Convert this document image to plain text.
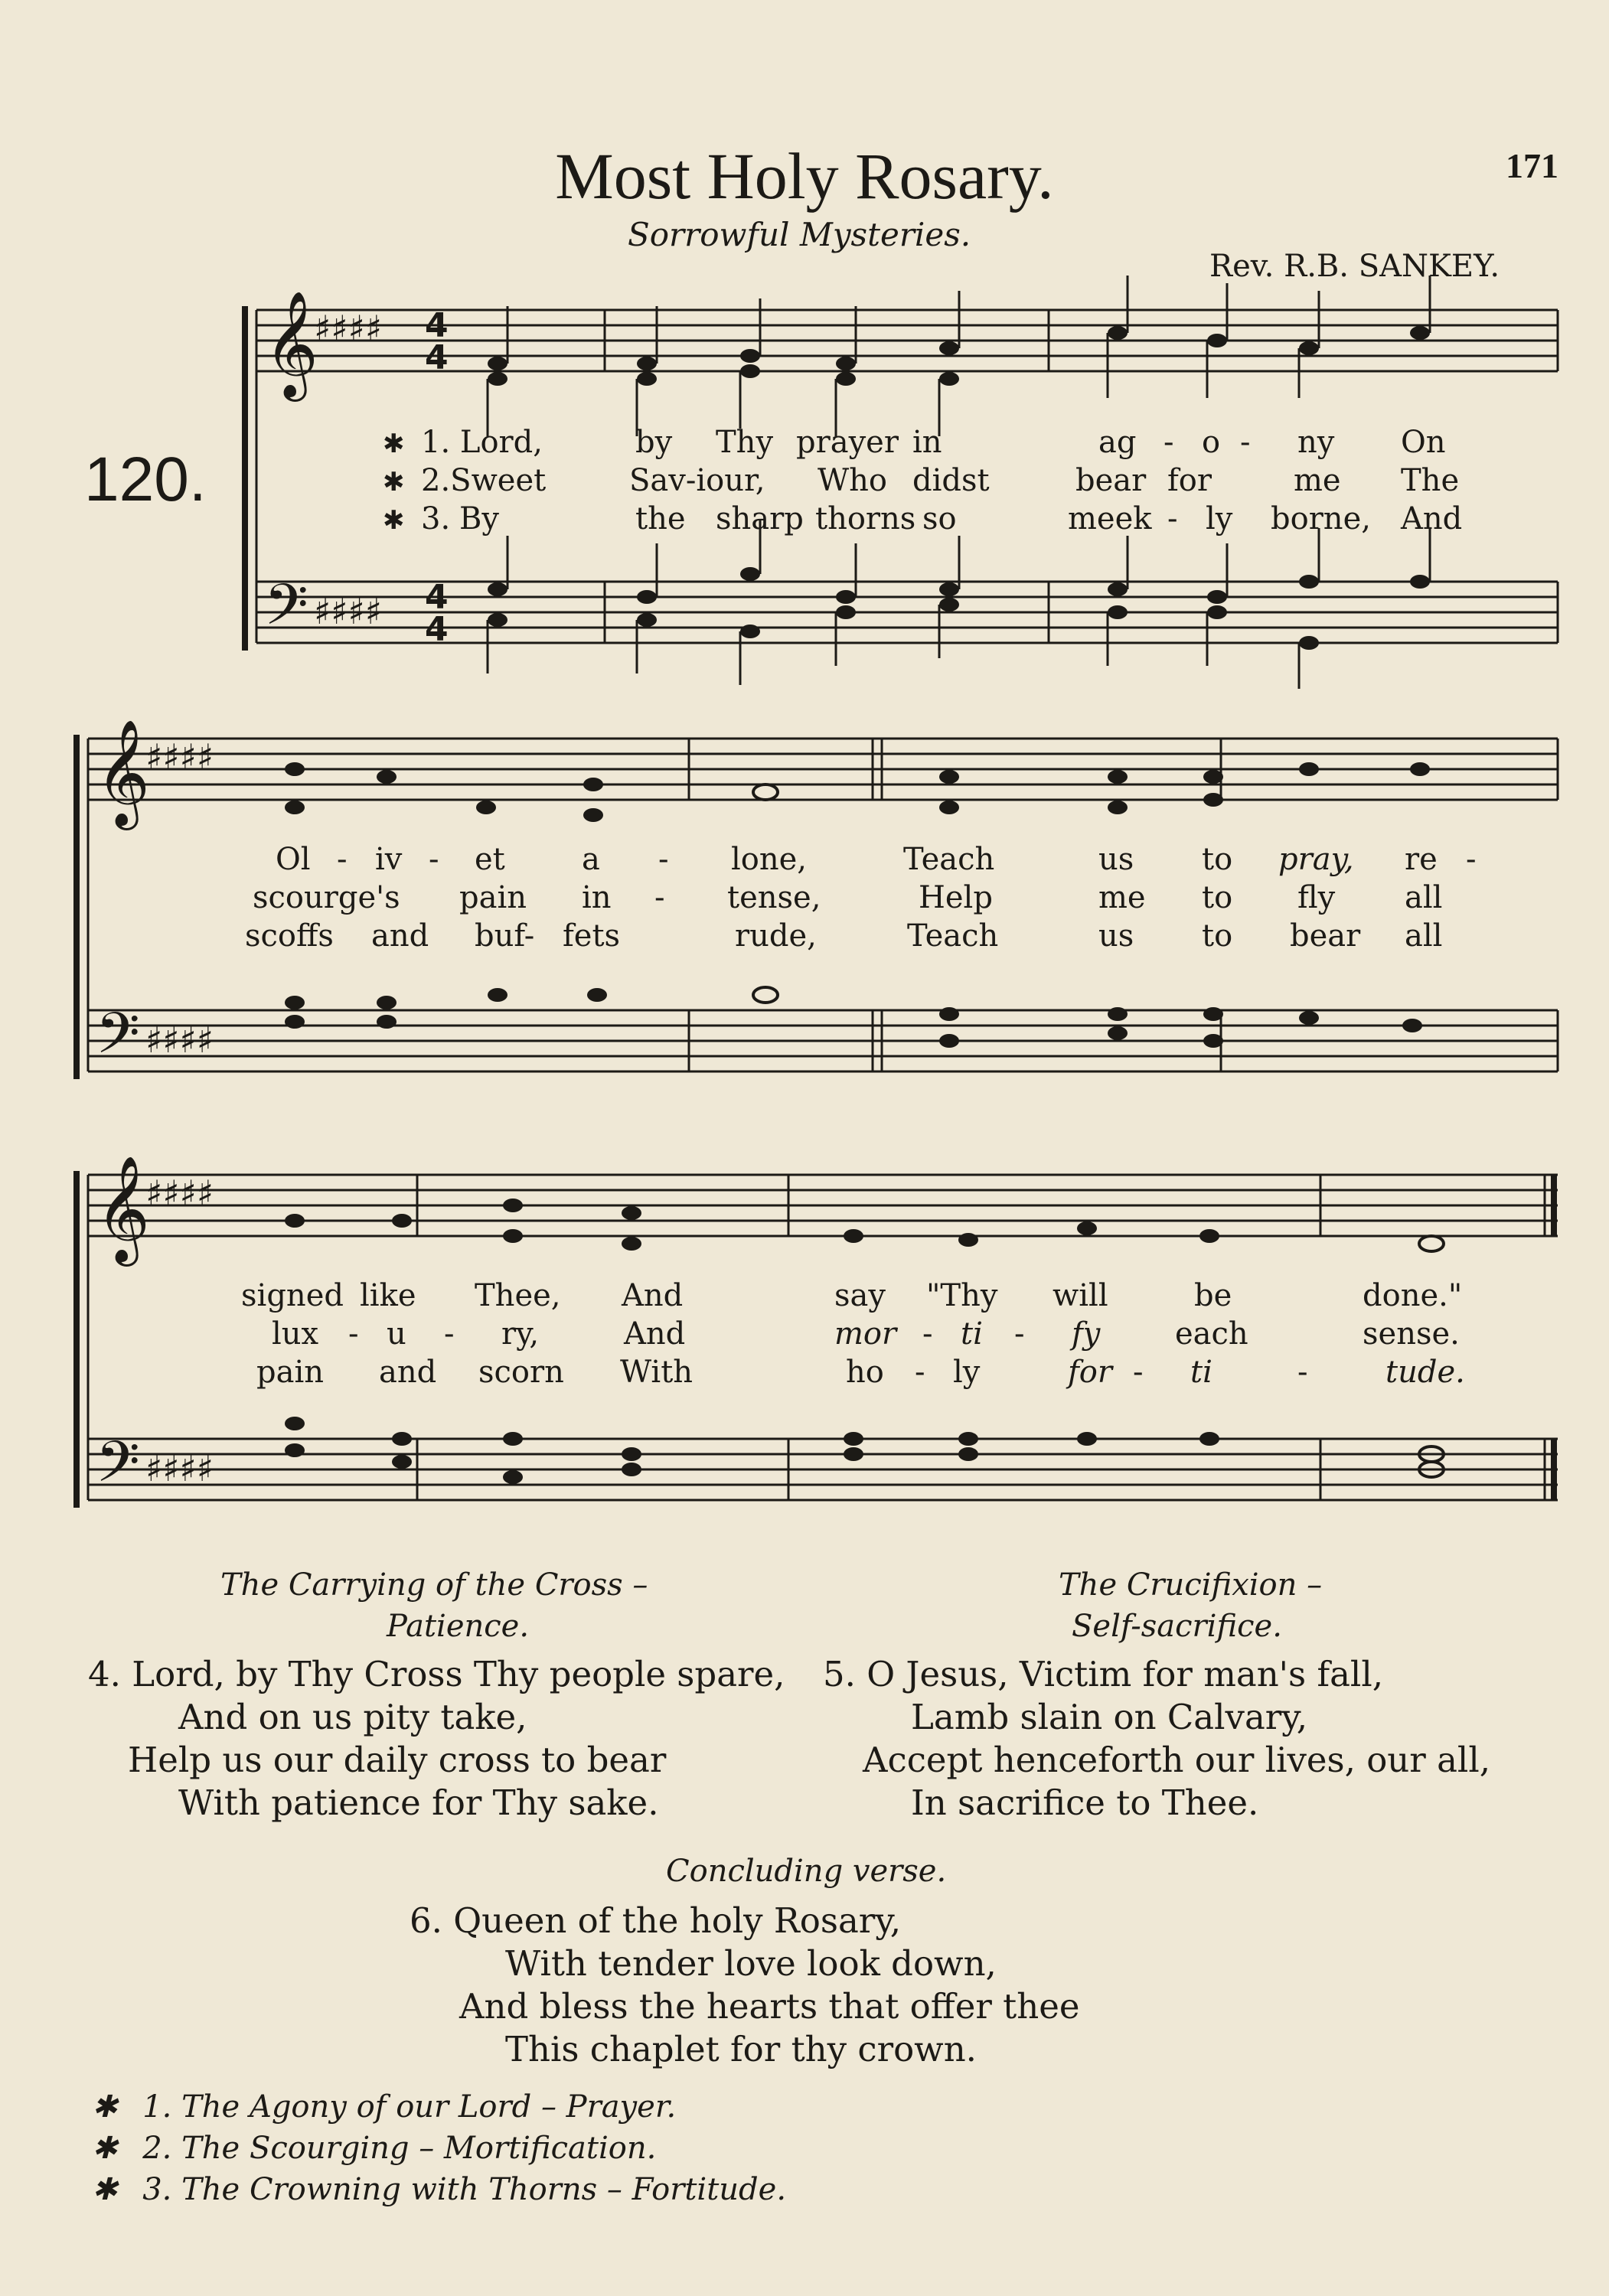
Most Holy Rosary.	171
Sorrowful Mysteries.
Rev. R.B. SANKEY.
120.
𝄞
♯♯♯♯ 4
4
𝄢 ♯♯♯♯ 4
4
𝄞
♯♯♯♯
𝄢 ♯♯♯♯
𝄞
♯♯♯♯
𝄢 ♯♯♯♯
✱ 1. Lord,	by Thy prayer in	ag - o - ny On
✱ 2.Sweet	Sav-iour, Who didst	bear for	me The
✱ 3. By	the sharp thorns so	meek - ly borne, And
Ol - iv - et	a - lone,	Teach	us to pray, re -
scourge's pain in - tense,	Help	me to fly all
scoffs and buf- fets	rude,	Teach	us to bear all
signed like Thee, And	say "Thy will	be	done."
lux - u - ry,	And	mor - ti - fy each	sense.
pain and scorn With	ho - ly	for - ti	-	tude.
The Carrying of the Cross –
Patience.
The Crucifixion –
Self-sacrifice.
4. Lord, by Thy Cross Thy people spare,
And on us pity take,
Help us our daily cross to bear
With patience for Thy sake.
5. O Jesus, Victim for man's fall,
Lamb slain on Calvary,
Accept henceforth our lives, our all,
In sacrifice to Thee.
Concluding verse.
6. Queen of the holy Rosary,
With tender love look down,
And bless the hearts that offer thee
This chaplet for thy crown.
✱ 1. The Agony of our Lord – Prayer.
✱ 2. The Scourging – Mortification.
✱ 3. The Crowning with Thorns – Fortitude.
